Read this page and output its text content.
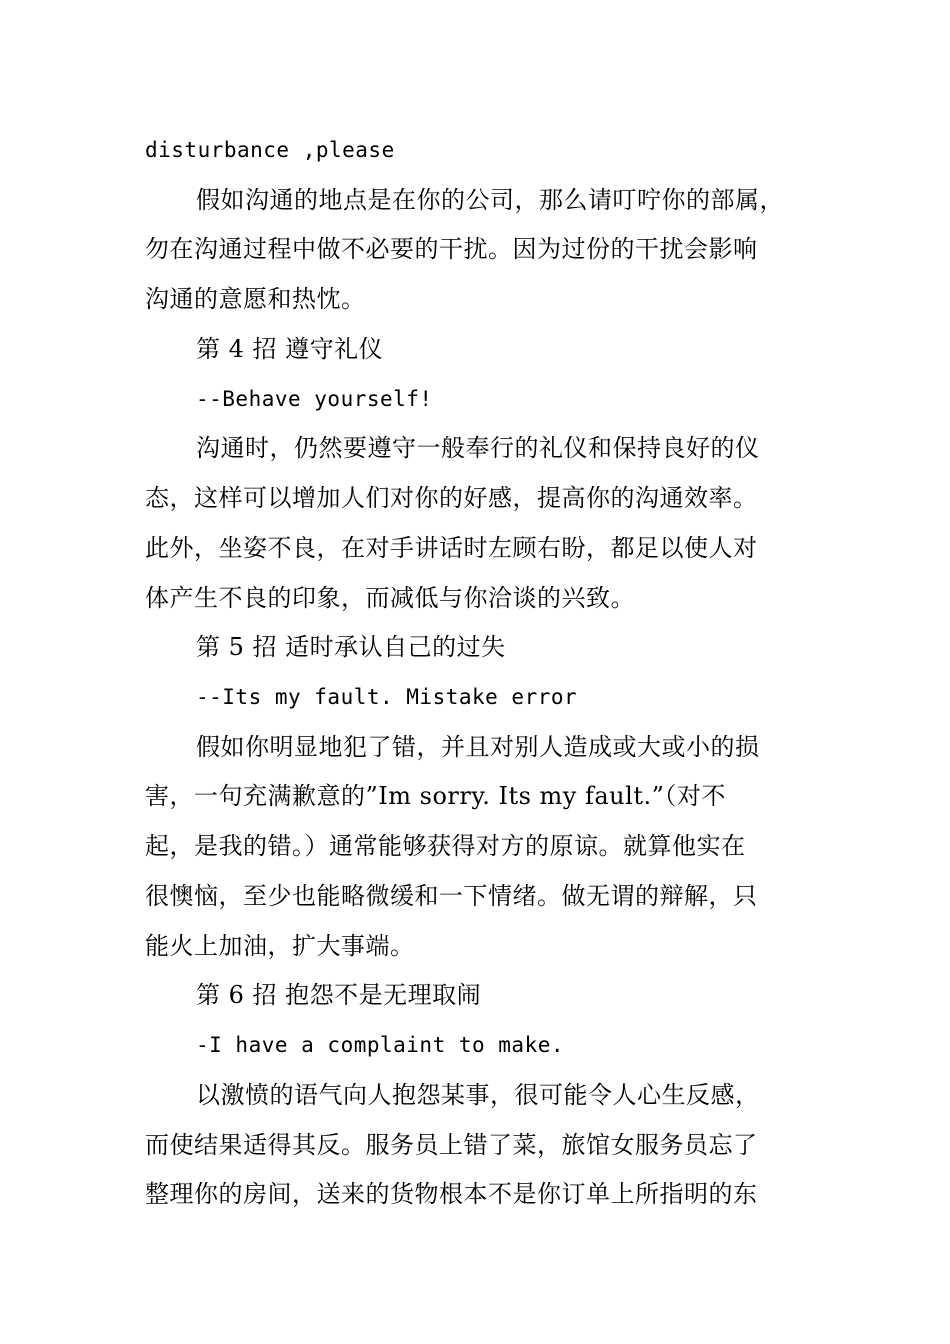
disturbance ,please
假如沟通的地点是在你的公司，那么请叮咛你的部属，
勿在沟通过程中做不必要的干扰。因为过份的干扰会影响
沟通的意愿和热忱。
第 4 招 遵守礼仪
--Behave yourself!
沟通时，仍然要遵守一般奉行的礼仪和保持良好的仪
态，这样可以增加人们对你的好感，提高你的沟通效率。
此外，坐姿不良，在对手讲话时左顾右盼，都足以使人对
体产生不良的印象，而减低与你洽谈的兴致。
第 5 招 适时承认自己的过失
--Its my fault. Mistake error
假如你明显地犯了错，并且对别人造成或大或小的损
害，一句充满歉意的”Im sorry. Its my fault.”（对不
起，是我的错。）通常能够获得对方的原谅。就算他实在
很懊恼，至少也能略微缓和一下情绪。做无谓的辩解，只
能火上加油，扩大事端。
第 6 招 抱怨不是无理取闹
-I have a complaint to make.
以激愤的语气向人抱怨某事，很可能令人心生反感，
而使结果适得其反。服务员上错了菜，旅馆女服务员忘了
整理你的房间，送来的货物根本不是你订单上所指明的东
